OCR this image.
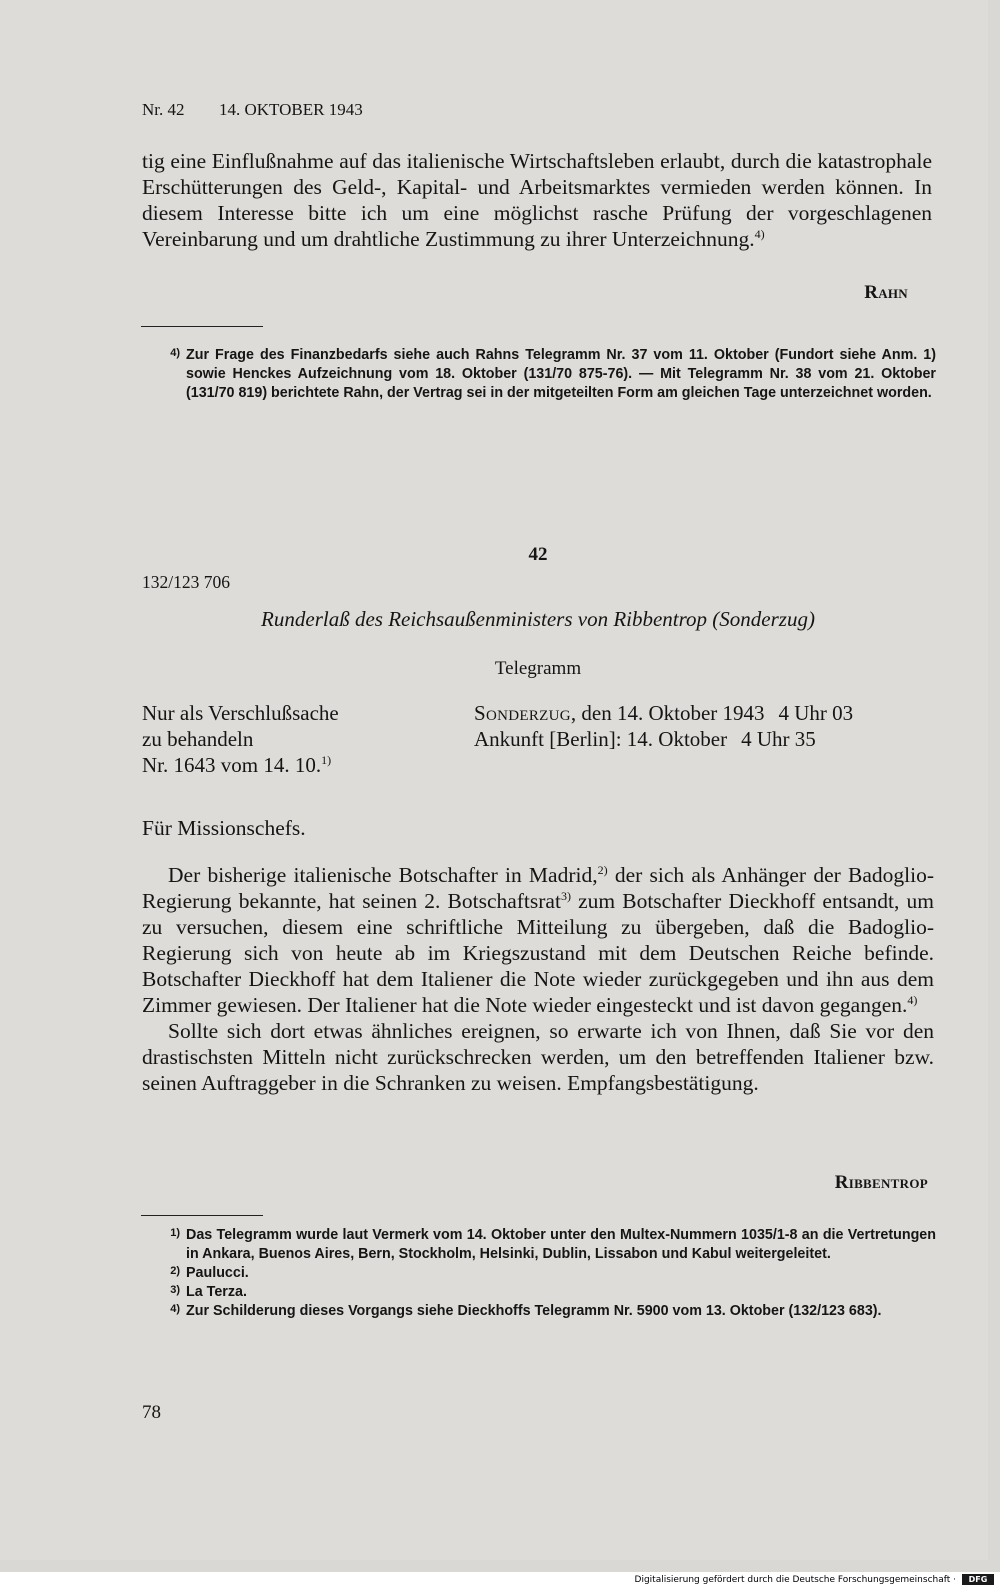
Nr. 42 14. OKTOBER 1943

tig eine Einflußnahme auf das italienische Wirtschaftsleben erlaubt, durch die katastrophale Erschütterungen des Geld-, Kapital- und Arbeitsmarktes vermieden werden können. In diesem Interesse bitte ich um eine möglichst rasche Prüfung der vorgeschlagenen Vereinbarung und um drahtliche Zustimmung zu ihrer Unterzeichnung.$^{4)}$

Rahn
4) Zur Frage des Finanzbedarfs siehe auch Rahns Telegramm Nr. 37 vom 11. Oktober (Fundort siehe Anm. 1) sowie Henckes Aufzeichnung vom 18. Oktober (131/70 875-76). — Mit Telegramm Nr. 38 vom 21. Oktober (131/70 819) berichtete Rahn, der Vertrag sei in der mitgeteilten Form am gleichen Tage unterzeichnet worden.
42
132/123 706
Runderlaß des Reichsaußenministers von Ribbentrop (Sonderzug)
Telegramm
Nur als Verschlußsache
zu behandeln
Nr. 1643 vom 14. 10.$^{1)}$
Sonderzug, den 14. Oktober 1943 4 Uhr 03
Ankunft [Berlin]: 14. Oktober 4 Uhr 35
Für Missionschefs.

Der bisherige italienische Botschafter in Madrid,$^{2)}$ der sich als Anhänger der Badoglio-Regierung bekannte, hat seinen 2. Botschaftsrat$^{3)}$ zum Botschafter Dieckhoff entsandt, um zu versuchen, diesem eine schriftliche Mitteilung zu übergeben, daß die Badoglio-Regierung sich von heute ab im Kriegszustand mit dem Deutschen Reiche befinde. Botschafter Dieckhoff hat dem Italiener die Note wieder zurückgegeben und ihn aus dem Zimmer gewiesen. Der Italiener hat die Note wieder eingesteckt und ist davon gegangen.$^{4)}$

Sollte sich dort etwas ähnliches ereignen, so erwarte ich von Ihnen, daß Sie vor den drastischsten Mitteln nicht zurückschrecken werden, um den betreffenden Italiener bzw. seinen Auftraggeber in die Schranken zu weisen. Empfangsbestätigung.

Ribbentrop
1) Das Telegramm wurde laut Vermerk vom 14. Oktober unter den Multex-Nummern 1035/1-8 an die Vertretungen in Ankara, Buenos Aires, Bern, Stockholm, Helsinki, Dublin, Lissabon und Kabul weitergeleitet.
2) Paulucci.
3) La Terza.
4) Zur Schilderung dieses Vorgangs siehe Dieckhoffs Telegramm Nr. 5900 vom 13. Oktober (132/123 683).
78
Digitalisierung gefördert durch die Deutsche Forschungsgemeinschaft ·	DFG
